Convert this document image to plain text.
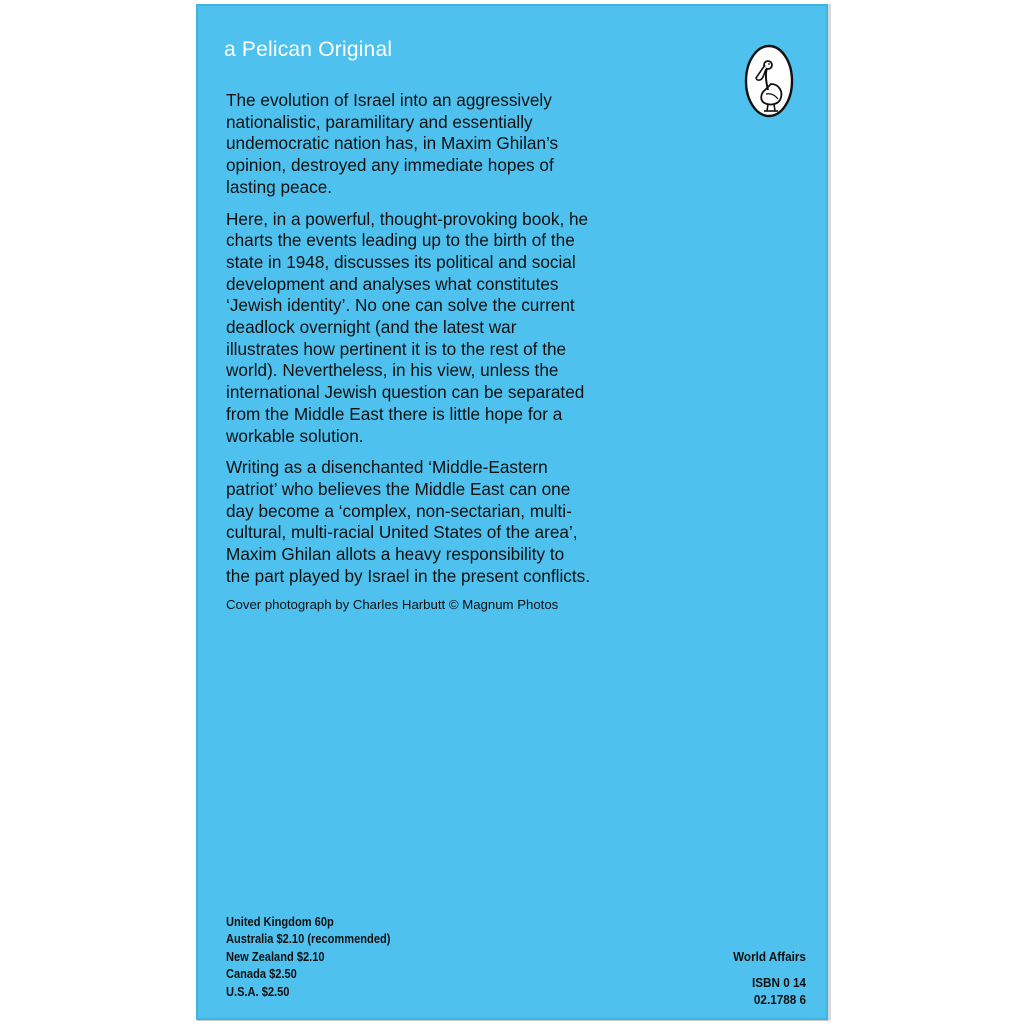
a Pelican Original

The evolution of Israel into an aggressively
nationalistic, paramilitary and essentially
undemocratic nation has, in Maxim Ghilan’s
opinion, destroyed any immediate hopes of
lasting peace.

Here, in a powerful, thought-provoking book, he
charts the events leading up to the birth of the
state in 1948, discusses its political and social
development and analyses what constitutes
‘Jewish identity’. No one can solve the current
deadlock overnight (and the latest war
illustrates how pertinent it is to the rest of the
world). Nevertheless, in his view, unless the
international Jewish question can be separated
from the Middle East there is little hope for a
workable solution.

Writing as a disenchanted ‘Middle-Eastern
patriot’ who believes the Middle East can one
day become a ‘complex, non-sectarian, multi-
cultural, multi-racial United States of the area’,
Maxim Ghilan allots a heavy responsibility to
the part played by Israel in the present conflicts.

Cover photograph by Charles Harbutt © Magnum Photos
United Kingdom 60p
Australia $2.10 (recommended)
New Zealand $2.10
Canada $2.50
U.S.A. $2.50
World Affairs
ISBN 0 14
02.1788 6
